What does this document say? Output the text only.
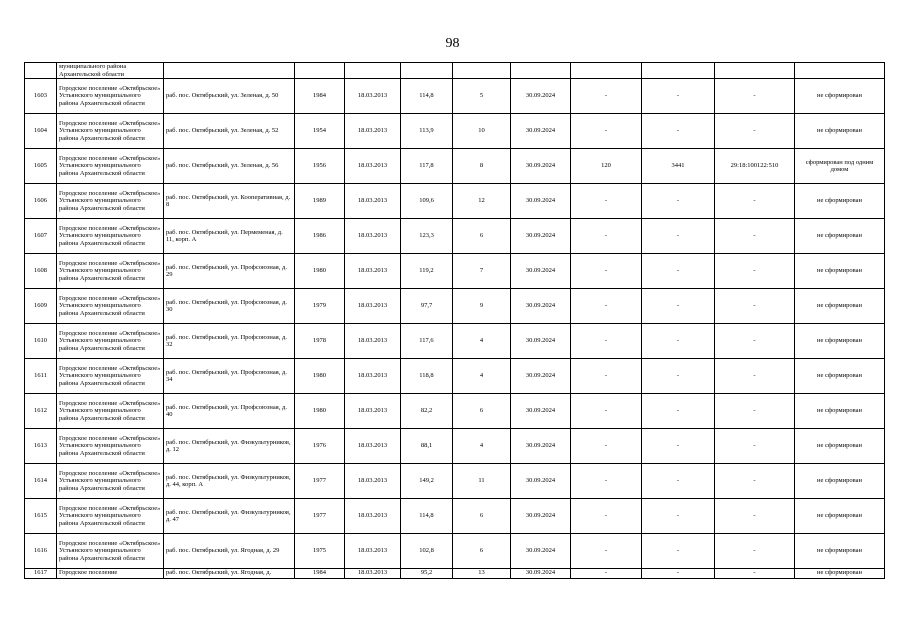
98
	муниципального района Архангельской области										
1603	Городское поселение «Октябрьское» Устьянского муниципального района Архангельской области	раб. пос. Октябрьский, ул. Зеленая, д. 50	1984	18.03.2013	114,8	5	30.09.2024	-	-	-	не сформирован
1604	Городское поселение «Октябрьское» Устьянского муниципального района Архангельской области	раб. пос. Октябрьский, ул. Зеленая, д. 52	1954	18.03.2013	113,9	10	30.09.2024	-	-	-	не сформирован
1605	Городское поселение «Октябрьское» Устьянского муниципального района Архангельской области	раб. пос. Октябрьский, ул. Зеленая, д. 56	1956	18.03.2013	117,8	8	30.09.2024	120	3441	29:18:100122:510	сформирован под одним домом
1606	Городское поселение «Октябрьское» Устьянского муниципального района Архангельской области	раб. пос. Октябрьский, ул. Кооперативная, д. 8	1989	18.03.2013	109,6	12	30.09.2024	-	-	-	не сформирован
1607	Городское поселение «Октябрьское» Устьянского муниципального района Архангельской области	раб. пос. Октябрьский, ул. Пермеменая, д. 11, корп. А	1986	18.03.2013	123,3	6	30.09.2024	-	-	-	не сформирован
1608	Городское поселение «Октябрьское» Устьянского муниципального района Архангельской области	раб. пос. Октябрьский, ул. Профсоюзная, д. 29	1980	18.03.2013	119,2	7	30.09.2024	-	-	-	не сформирован
1609	Городское поселение «Октябрьское» Устьянского муниципального района Архангельской области	раб. пос. Октябрьский, ул. Профсоюзная, д. 30	1979	18.03.2013	97,7	9	30.09.2024	-	-	-	не сформирован
1610	Городское поселение «Октябрьское» Устьянского муниципального района Архангельской области	раб. пос. Октябрьский, ул. Профсоюзная, д. 32	1978	18.03.2013	117,6	4	30.09.2024	-	-	-	не сформирован
1611	Городское поселение «Октябрьское» Устьянского муниципального района Архангельской области	раб. пос. Октябрьский, ул. Профсоюзная, д. 34	1980	18.03.2013	118,8	4	30.09.2024	-	-	-	не сформирован
1612	Городское поселение «Октябрьское» Устьянского муниципального района Архангельской области	раб. пос. Октябрьский, ул. Профсоюзная, д. 40	1980	18.03.2013	82,2	6	30.09.2024	-	-	-	не сформирован
1613	Городское поселение «Октябрьское» Устьянского муниципального района Архангельской области	раб. пос. Октябрьский, ул. Физкультурников, д. 12	1976	18.03.2013	88,1	4	30.09.2024	-	-	-	не сформирован
1614	Городское поселение «Октябрьское» Устьянского муниципального района Архангельской области	раб. пос. Октябрьский, ул. Физкультурников, д. 44, корп. А	1977	18.03.2013	149,2	11	30.09.2024	-	-	-	не сформирован
1615	Городское поселение «Октябрьское» Устьянского муниципального района Архангельской области	раб. пос. Октябрьский, ул. Физкультурников, д. 47	1977	18.03.2013	114,8	6	30.09.2024	-	-	-	не сформирован
1616	Городское поселение «Октябрьское» Устьянского муниципального района Архангельской области	раб. пос. Октябрьский, ул. Ягодная, д. 29	1975	18.03.2013	102,8	6	30.09.2024	-	-	-	не сформирован
1617	Городское поселение	раб. пос. Октябрьский, ул. Ягодная, д.	1984	18.03.2013	95,2	13	30.09.2024	-	-	-	не сформирован
